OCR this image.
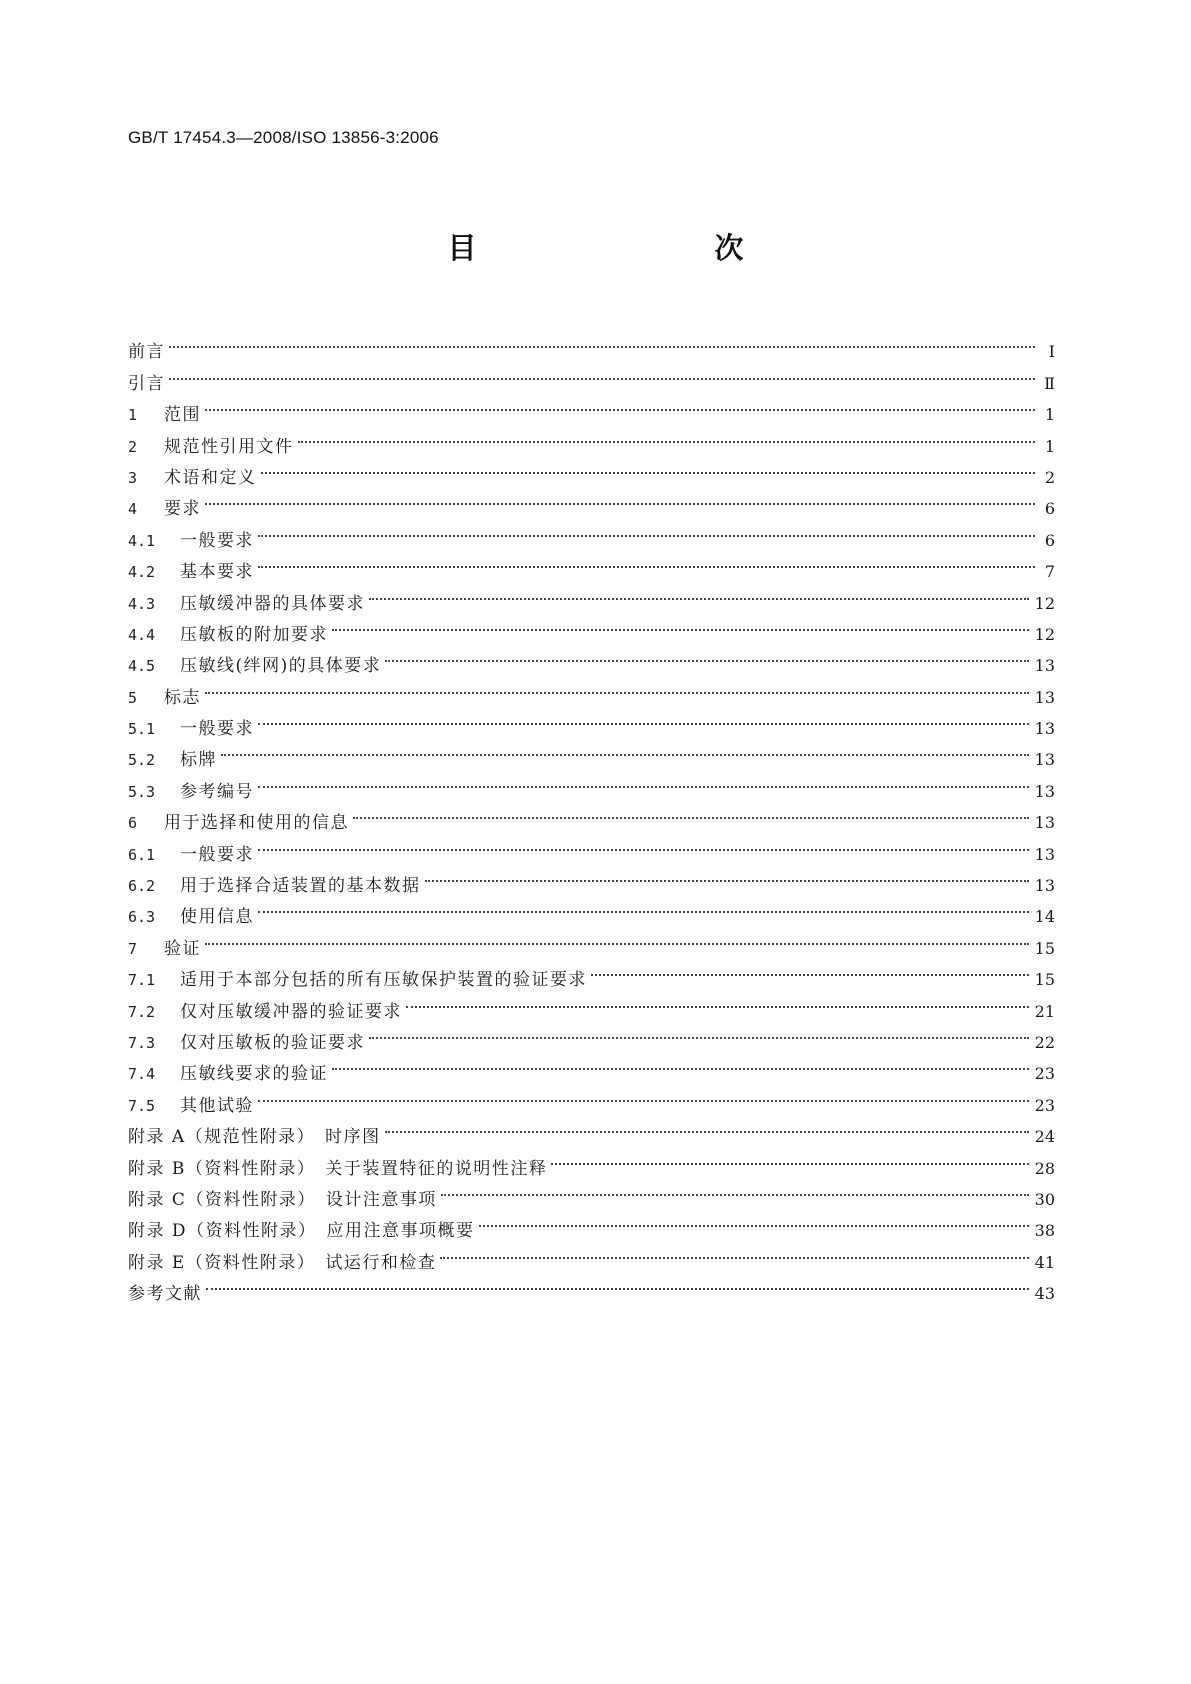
GB/T 17454.3—2008/ISO 13856-3:2006
目　　次
前言	Ⅰ
引言	Ⅱ
1	范围	1
2	规范性引用文件	1
3	术语和定义	2
4	要求	6
4.1	一般要求	6
4.2	基本要求	7
4.3	压敏缓冲器的具体要求	12
4.4	压敏板的附加要求	12
4.5	压敏线(绊网)的具体要求	13
5	标志	13
5.1	一般要求	13
5.2	标牌	13
5.3	参考编号	13
6	用于选择和使用的信息	13
6.1	一般要求	13
6.2	用于选择合适装置的基本数据	13
6.3	使用信息	14
7	验证	15
7.1	适用于本部分包括的所有压敏保护装置的验证要求	15
7.2	仅对压敏缓冲器的验证要求	21
7.3	仅对压敏板的验证要求	22
7.4	压敏线要求的验证	23
7.5	其他试验	23
附录 A（规范性附录）　时序图	24
附录 B（资料性附录）　关于装置特征的说明性注释	28
附录 C（资料性附录）　设计注意事项	30
附录 D（资料性附录）　应用注意事项概要	38
附录 E（资料性附录）　试运行和检查	41
参考文献	43
